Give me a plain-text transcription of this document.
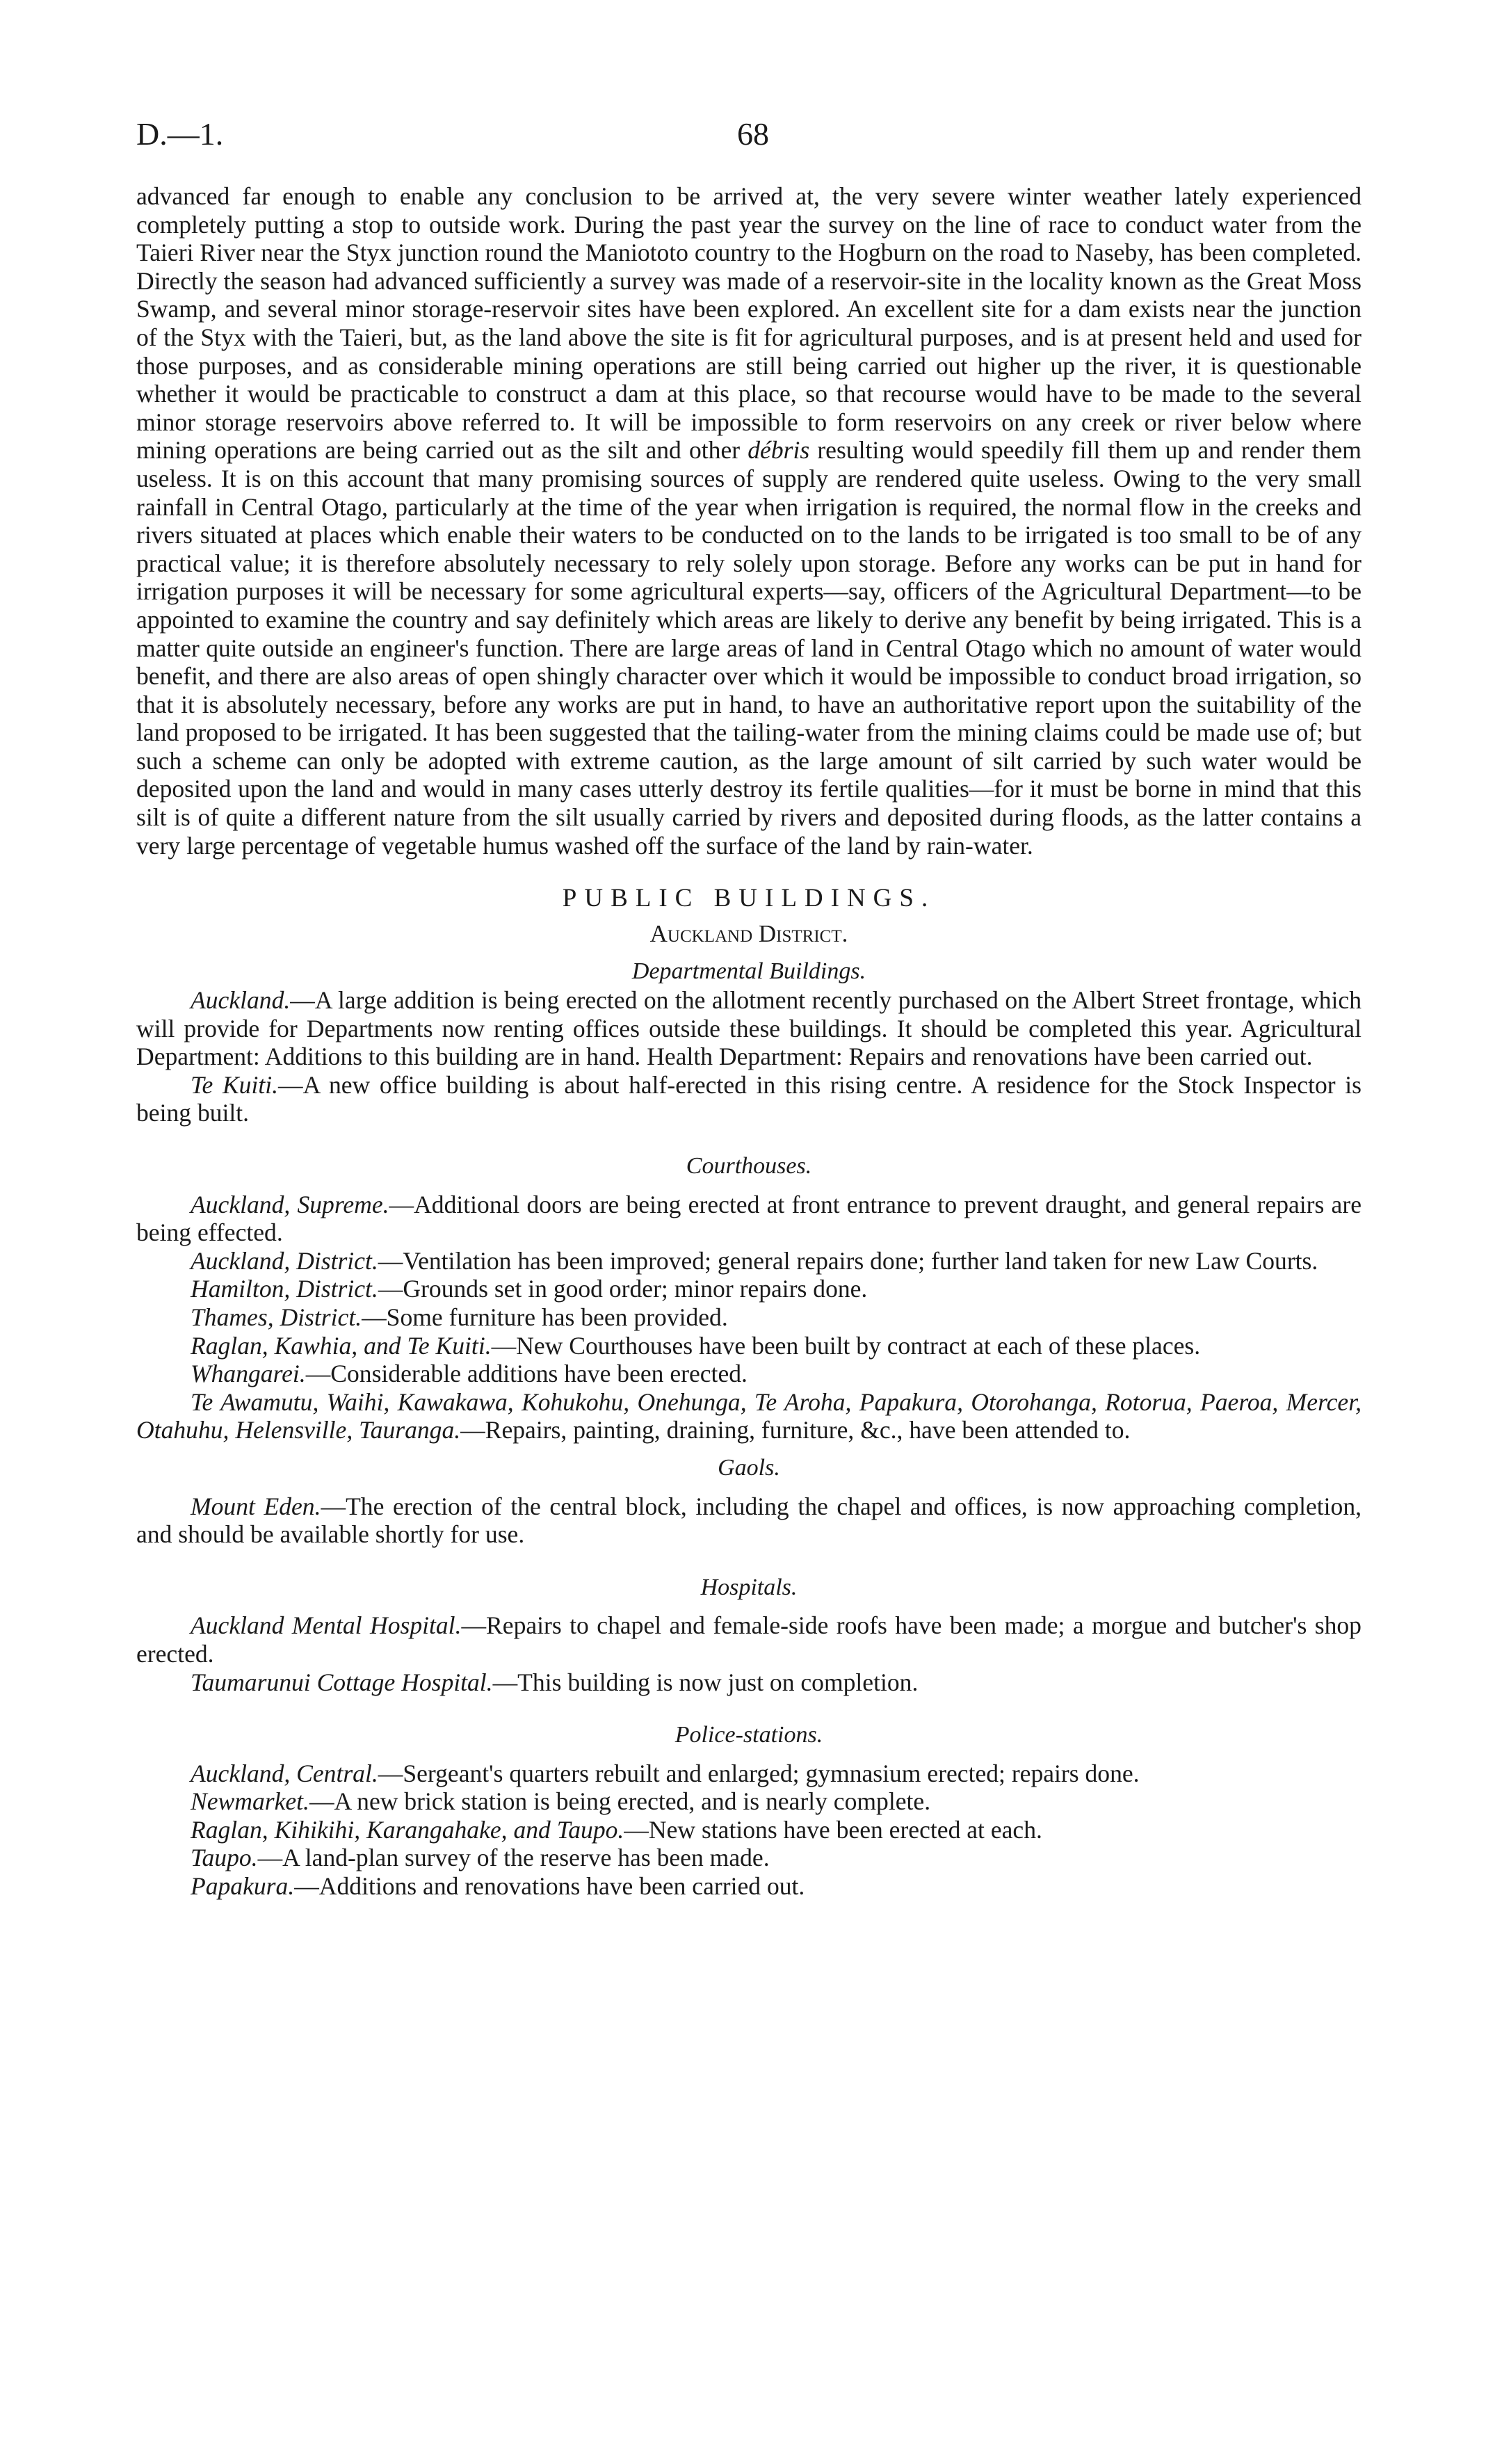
D.—1.	68

advanced far enough to enable any conclusion to be arrived at, the very severe winter weather lately experienced completely putting a stop to outside work. During the past year the survey on the line of race to conduct water from the Taieri River near the Styx junction round the Maniototo country to the Hogburn on the road to Naseby, has been completed. Directly the season had advanced sufficiently a survey was made of a reservoir-site in the locality known as the Great Moss Swamp, and several minor storage-reservoir sites have been explored. An excellent site for a dam exists near the junction of the Styx with the Taieri, but, as the land above the site is fit for agricultural purposes, and is at present held and used for those purposes, and as considerable mining operations are still being carried out higher up the river, it is questionable whether it would be practicable to construct a dam at this place, so that recourse would have to be made to the several minor storage reservoirs above referred to. It will be impossible to form reservoirs on any creek or river below where mining operations are being carried out as the silt and other débris resulting would speedily fill them up and render them useless. It is on this account that many promising sources of supply are rendered quite useless. Owing to the very small rainfall in Central Otago, particularly at the time of the year when irrigation is required, the normal flow in the creeks and rivers situated at places which enable their waters to be conducted on to the lands to be irrigated is too small to be of any practical value; it is therefore absolutely necessary to rely solely upon storage. Before any works can be put in hand for irrigation purposes it will be necessary for some agricultural experts—say, officers of the Agricultural Department—to be appointed to examine the country and say definitely which areas are likely to derive any benefit by being irrigated. This is a matter quite outside an engineer's function. There are large areas of land in Central Otago which no amount of water would benefit, and there are also areas of open shingly character over which it would be impossible to conduct broad irrigation, so that it is absolutely necessary, before any works are put in hand, to have an authoritative report upon the suitability of the land proposed to be irrigated. It has been suggested that the tailing-water from the mining claims could be made use of; but such a scheme can only be adopted with extreme caution, as the large amount of silt carried by such water would be deposited upon the land and would in many cases utterly destroy its fertile qualities—for it must be borne in mind that this silt is of quite a different nature from the silt usually carried by rivers and deposited during floods, as the latter contains a very large percentage of vegetable humus washed off the surface of the land by rain-water.

PUBLIC BUILDINGS.
Auckland District.
Departmental Buildings.

Auckland.—A large addition is being erected on the allotment recently purchased on the Albert Street frontage, which will provide for Departments now renting offices outside these buildings. It should be completed this year. Agricultural Department: Additions to this building are in hand. Health Department: Repairs and renovations have been carried out.

Te Kuiti.—A new office building is about half-erected in this rising centre. A residence for the Stock Inspector is being built.

Courthouses.

Auckland, Supreme.—Additional doors are being erected at front entrance to prevent draught, and general repairs are being effected.

Auckland, District.—Ventilation has been improved; general repairs done; further land taken for new Law Courts.

Hamilton, District.—Grounds set in good order; minor repairs done.

Thames, District.—Some furniture has been provided.

Raglan, Kawhia, and Te Kuiti.—New Courthouses have been built by contract at each of these places.

Whangarei.—Considerable additions have been erected.

Te Awamutu, Waihi, Kawakawa, Kohukohu, Onehunga, Te Aroha, Papakura, Otorohanga, Rotorua, Paeroa, Mercer, Otahuhu, Helensville, Tauranga.—Repairs, painting, draining, furniture, &c., have been attended to.

Gaols.

Mount Eden.—The erection of the central block, including the chapel and offices, is now approaching completion, and should be available shortly for use.

Hospitals.

Auckland Mental Hospital.—Repairs to chapel and female-side roofs have been made; a morgue and butcher's shop erected.

Taumarunui Cottage Hospital.—This building is now just on completion.

Police-stations.

Auckland, Central.—Sergeant's quarters rebuilt and enlarged; gymnasium erected; repairs done.

Newmarket.—A new brick station is being erected, and is nearly complete.

Raglan, Kihikihi, Karangahake, and Taupo.—New stations have been erected at each.

Taupo.—A land-plan survey of the reserve has been made.

Papakura.—Additions and renovations have been carried out.
